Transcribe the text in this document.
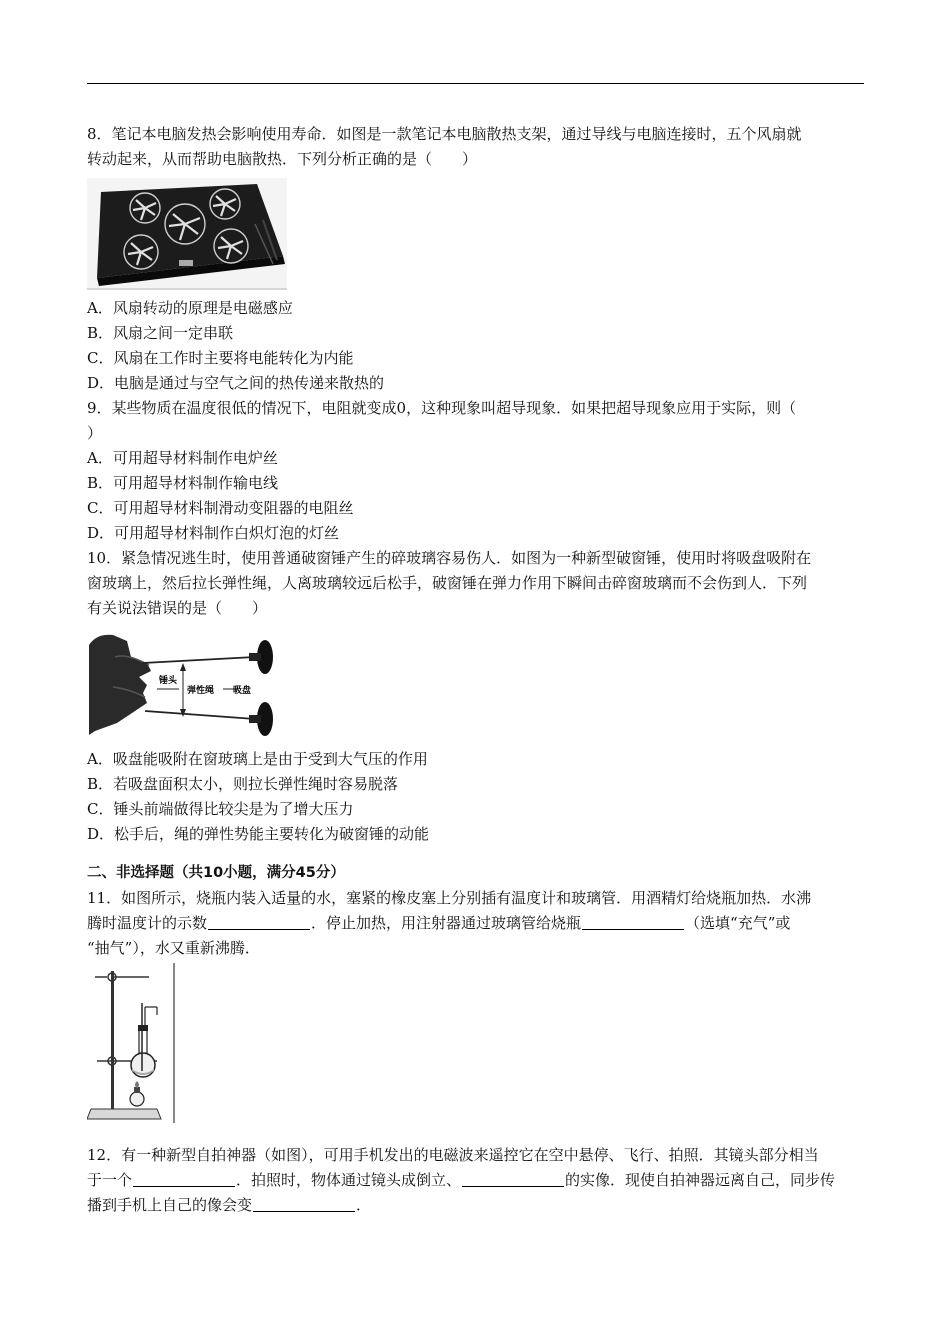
8．笔记本电脑发热会影响使用寿命．如图是一款笔记本电脑散热支架，通过导线与电脑连接时，五个风扇就
转动起来，从而帮助电脑散热．下列分析正确的是（　　）
A．风扇转动的原理是电磁感应
B．风扇之间一定串联
C．风扇在工作时主要将电能转化为内能
D．电脑是通过与空气之间的热传递来散热的
9．某些物质在温度很低的情况下，电阻就变成0，这种现象叫超导现象．如果把超导现象应用于实际，则（
）
A．可用超导材料制作电炉丝
B．可用超导材料制作输电线
C．可用超导材料制滑动变阻器的电阻丝
D．可用超导材料制作白炽灯泡的灯丝
10．紧急情况逃生时，使用普通破窗锤产生的碎玻璃容易伤人．如图为一种新型破窗锤，使用时将吸盘吸附在
窗玻璃上，然后拉长弹性绳，人离玻璃较远后松手，破窗锤在弹力作用下瞬间击碎窗玻璃而不会伤到人．下列
有关说法错误的是（　　）
锤头
弹性绳 吸盘
A．吸盘能吸附在窗玻璃上是由于受到大气压的作用
B．若吸盘面积太小，则拉长弹性绳时容易脱落
C．锤头前端做得比较尖是为了增大压力
D．松手后，绳的弹性势能主要转化为破窗锤的动能
二、非选择题（共10小题，满分45分）
11．如图所示，烧瓶内装入适量的水，塞紧的橡皮塞上分别插有温度计和玻璃管．用酒精灯给烧瓶加热．水沸
腾时温度计的示数	．停止加热，用注射器通过玻璃管给烧瓶	（选填“充气”或
“抽气”），水又重新沸腾．
12．有一种新型自拍神器（如图），可用手机发出的电磁波来遥控它在空中悬停、飞行、拍照．其镜头部分相当
于一个	．拍照时，物体通过镜头成倒立、	的实像．现使自拍神器远离自己，同步传
播到手机上自己的像会变	．
